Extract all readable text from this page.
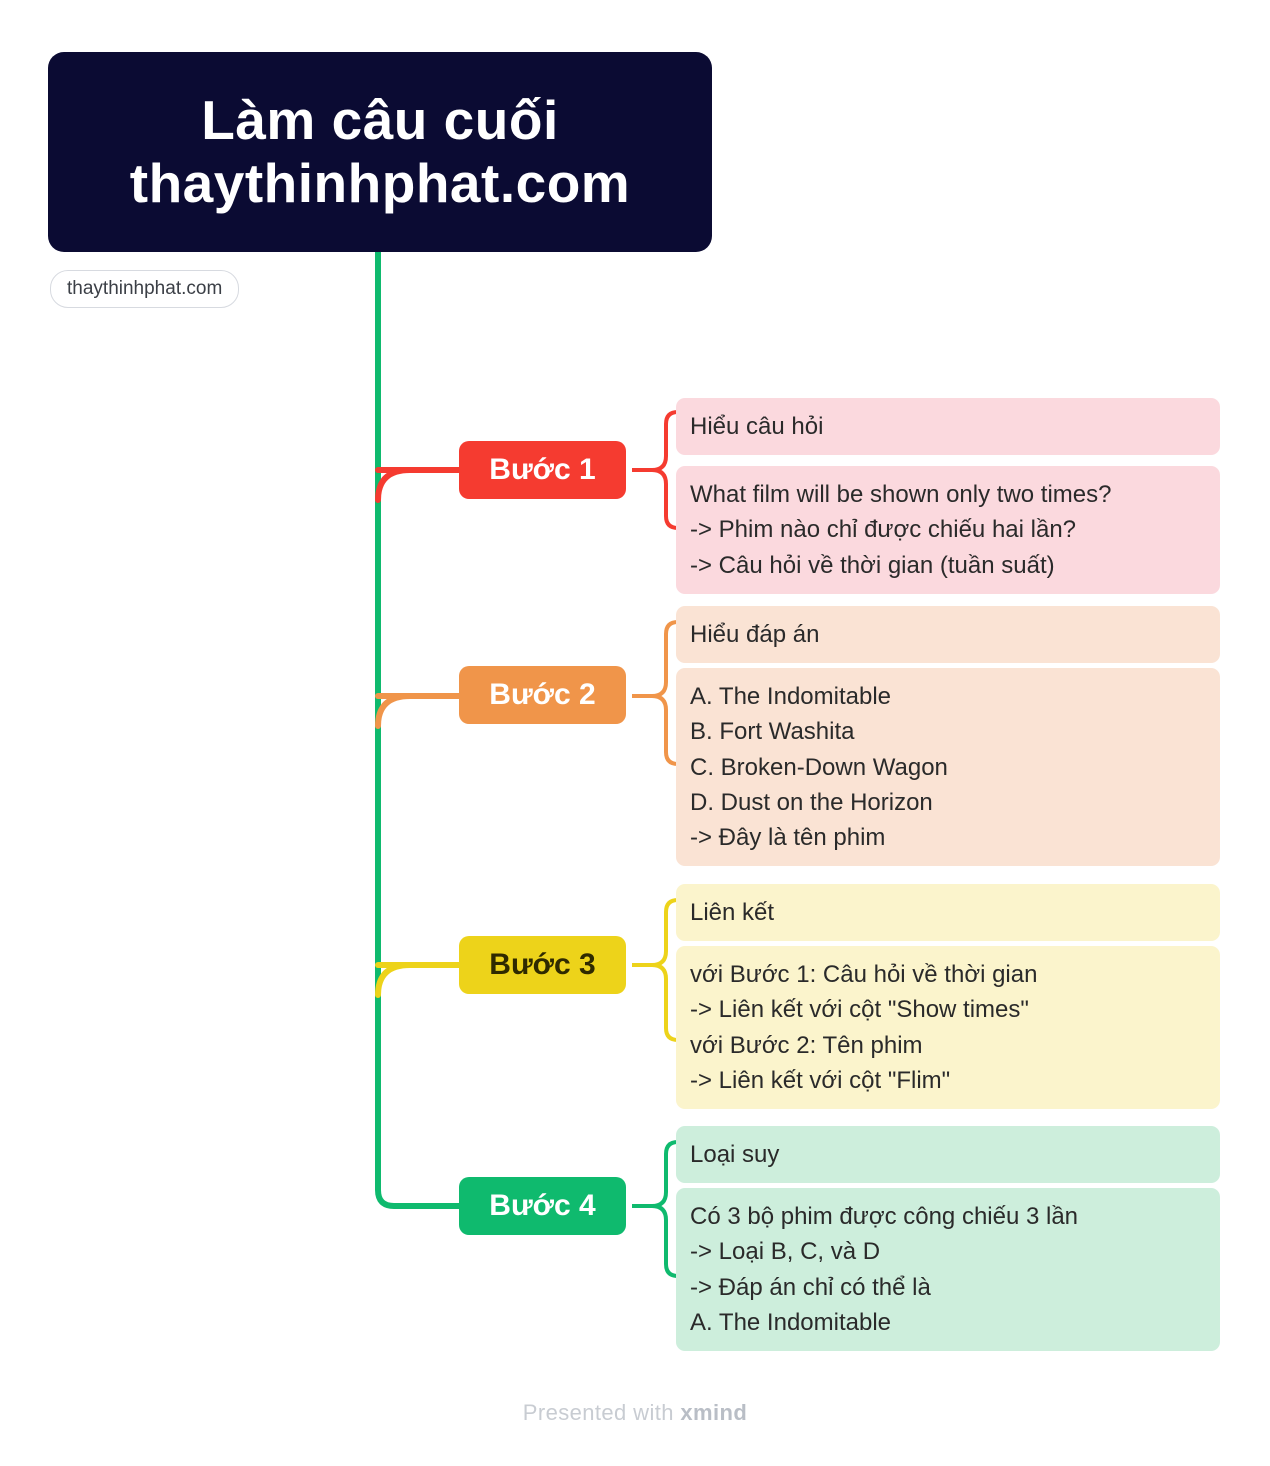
Làm câu cuối
thaythinhphat.com
thaythinhphat.com
Bước 1
Hiểu câu hỏi
What film will be shown only two times?
-> Phim nào chỉ được chiếu hai lần?
-> Câu hỏi về thời gian (tuần suất)
Bước 2
Hiểu đáp án
A. The Indomitable
B. Fort Washita
C. Broken-Down Wagon
D. Dust on the Horizon
-> Đây là tên phim
Bước 3
Liên kết
với Bước 1: Câu hỏi về thời gian
-> Liên kết với cột "Show times"
với Bước 2: Tên phim
-> Liên kết với cột "Flim"
Bước 4
Loại suy
Có 3 bộ phim được công chiếu 3 lần
-> Loại B, C, và D
-> Đáp án chỉ có thể là
A. The Indomitable
Presented with xmind
